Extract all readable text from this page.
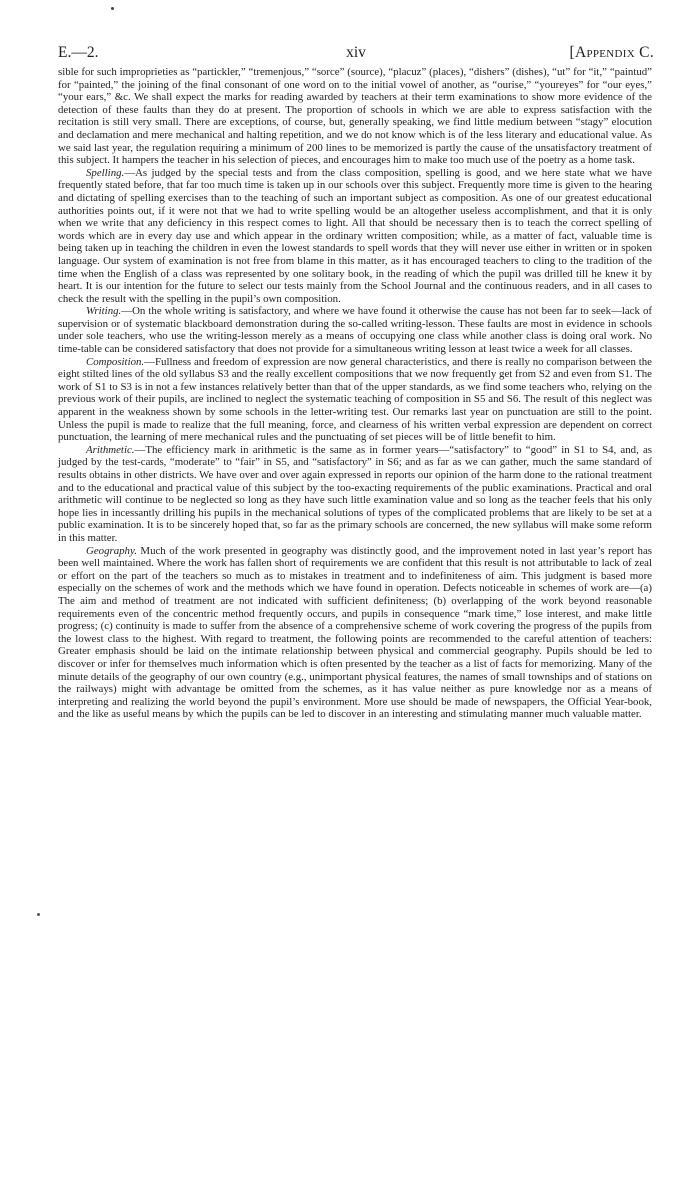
E.—2.	xiv	[Appendix C.

sible for such improprieties as “partickler,” “tremenjous,” “sorce” (source), “placuz” (places), “dishers” (dishes), “ut” for “it,” “paintud” for “painted,” the joining of the final consonant of one word on to the initial vowel of another, as “ourise,” “youreyes” for “our eyes,” “your ears,” &c. We shall expect the marks for reading awarded by teachers at their term examinations to show more evidence of the detection of these faults than they do at present. The proportion of schools in which we are able to express satisfaction with the recitation is still very small. There are exceptions, of course, but, generally speaking, we find little medium between “stagy” elocution and declamation and mere mechanical and halting repetition, and we do not know which is of the less literary and educational value. As we said last year, the regulation requiring a minimum of 200 lines to be memorized is partly the cause of the unsatisfactory treatment of this subject. It hampers the teacher in his selection of pieces, and encourages him to make too much use of the poetry as a home task.

Spelling.—As judged by the special tests and from the class composition, spelling is good, and we here state what we have frequently stated before, that far too much time is taken up in our schools over this subject. Frequently more time is given to the hearing and dictating of spelling exercises than to the teaching of such an important subject as composition. As one of our greatest educational authorities points out, if it were not that we had to write spelling would be an altogether useless accomplishment, and that it is only when we write that any deficiency in this respect comes to light. All that should be necessary then is to teach the correct spelling of words which are in every day use and which appear in the ordinary written composition; while, as a matter of fact, valuable time is being taken up in teaching the children in even the lowest standards to spell words that they will never use either in written or in spoken language. Our system of examination is not free from blame in this matter, as it has encouraged teachers to cling to the tradition of the time when the English of a class was represented by one solitary book, in the reading of which the pupil was drilled till he knew it by heart. It is our intention for the future to select our tests mainly from the School Journal and the continuous readers, and in all cases to check the result with the spelling in the pupil’s own composition.

Writing.—On the whole writing is satisfactory, and where we have found it otherwise the cause has not been far to seek—lack of supervision or of systematic blackboard demonstration during the so-called writing-lesson. These faults are most in evidence in schools under sole teachers, who use the writing-lesson merely as a means of occupying one class while another class is doing oral work. No time-table can be considered satisfactory that does not provide for a simultaneous writing lesson at least twice a week for all classes.

Composition.—Fullness and freedom of expression are now general characteristics, and there is really no comparison between the eight stilted lines of the old syllabus S3 and the really excellent compositions that we now frequently get from S2 and even from S1. The work of S1 to S3 is in not a few instances relatively better than that of the upper standards, as we find some teachers who, relying on the previous work of their pupils, are inclined to neglect the systematic teaching of composition in S5 and S6. The result of this neglect was apparent in the weakness shown by some schools in the letter-writing test. Our remarks last year on punctuation are still to the point. Unless the pupil is made to realize that the full meaning, force, and clearness of his written verbal expression are dependent on correct punctuation, the learning of mere mechanical rules and the punctuating of set pieces will be of little benefit to him.

Arithmetic.—The efficiency mark in arithmetic is the same as in former years—“satisfactory” to “good” in S1 to S4, and, as judged by the test-cards, “moderate” to “fair” in S5, and “satisfactory” in S6; and as far as we can gather, much the same standard of results obtains in other districts. We have over and over again expressed in reports our opinion of the harm done to the rational treatment and to the educational and practical value of this subject by the too-exacting requirements of the public examinations. Practical and oral arithmetic will continue to be neglected so long as they have such little examination value and so long as the teacher feels that his only hope lies in incessantly drilling his pupils in the mechanical solutions of types of the complicated problems that are likely to be set at a public examination. It is to be sincerely hoped that, so far as the primary schools are concerned, the new syllabus will make some reform in this matter.

Geography. Much of the work presented in geography was distinctly good, and the improvement noted in last year’s report has been well maintained. Where the work has fallen short of requirements we are confident that this result is not attributable to lack of zeal or effort on the part of the teachers so much as to mistakes in treatment and to indefiniteness of aim. This judgment is based more especially on the schemes of work and the methods which we have found in operation. Defects noticeable in schemes of work are—(a) The aim and method of treatment are not indicated with sufficient definiteness; (b) overlapping of the work beyond reasonable requirements even of the concentric method frequently occurs, and pupils in consequence “mark time,” lose interest, and make little progress; (c) continuity is made to suffer from the absence of a comprehensive scheme of work covering the progress of the pupils from the lowest class to the highest. With regard to treatment, the following points are recommended to the careful attention of teachers: Greater emphasis should be laid on the intimate relationship between physical and commercial geography. Pupils should be led to discover or infer for themselves much information which is often presented by the teacher as a list of facts for memorizing. Many of the minute details of the geography of our own country (e.g., unimportant physical features, the names of small townships and of stations on the railways) might with advantage be omitted from the schemes, as it has value neither as pure knowledge nor as a means of interpreting and realizing the world beyond the pupil’s environment. More use should be made of newspapers, the Official Year-book, and the like as useful means by which the pupils can be led to discover in an interesting and stimulating manner much valuable matter.
